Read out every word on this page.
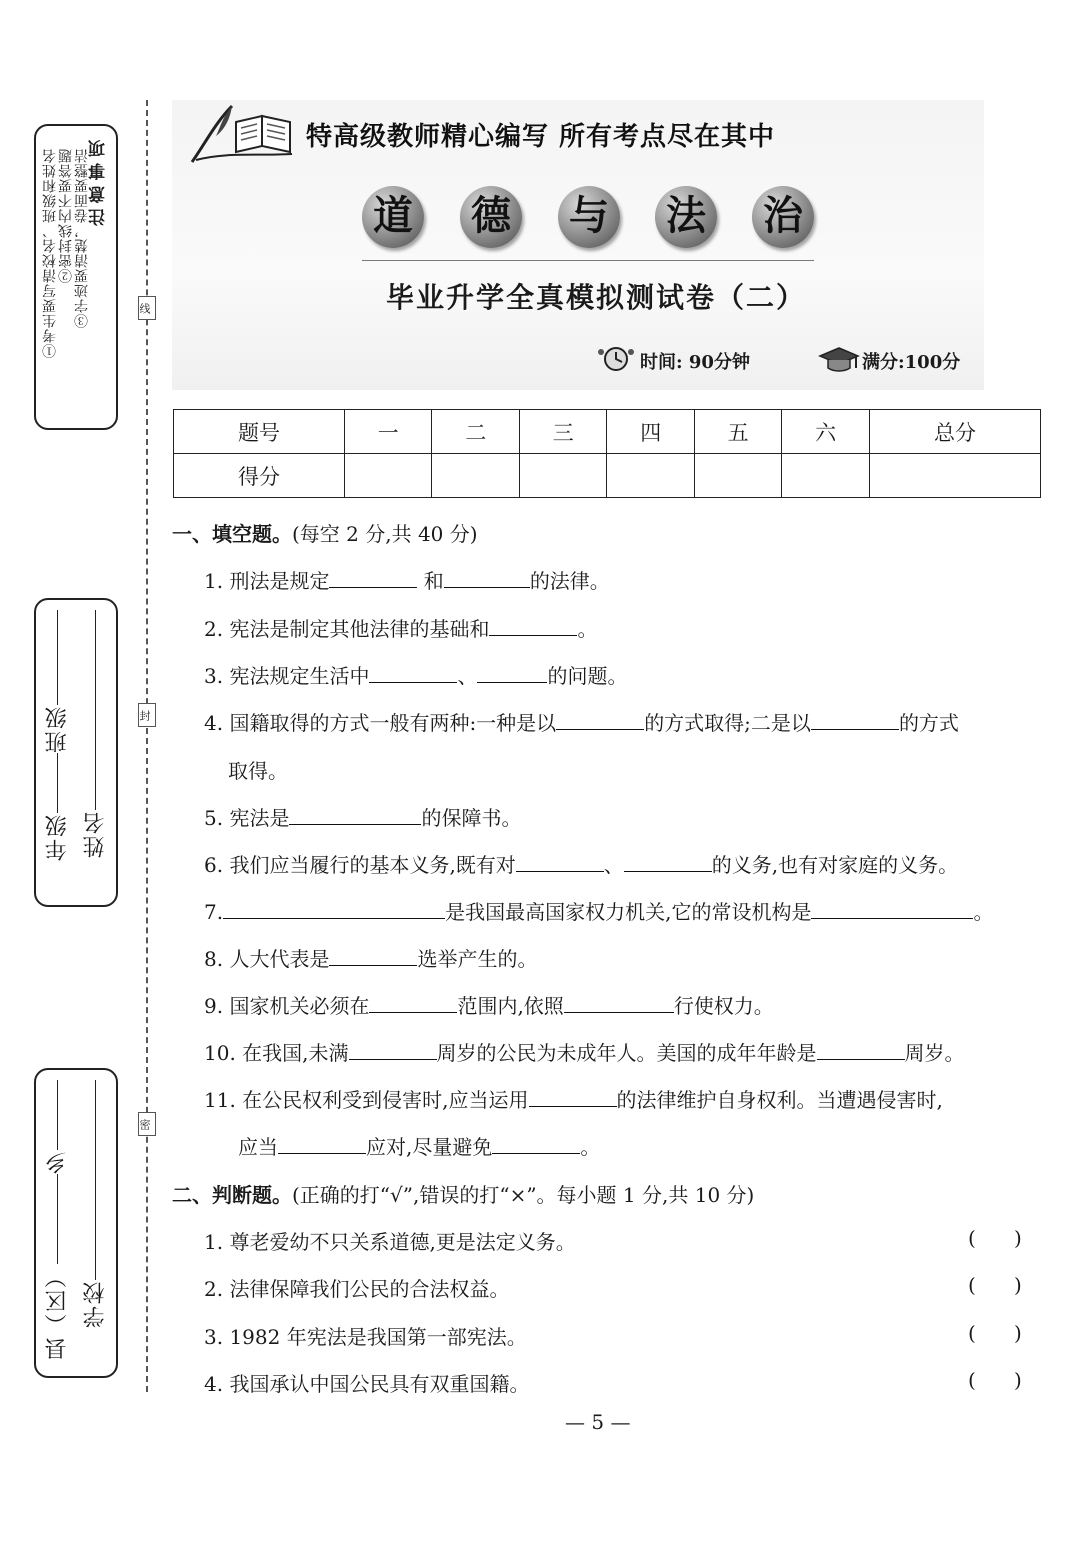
线
封
密
注意事项
①考生要写清校名、班级和姓名 ②密封线内不要答题 ③字迹要清楚，卷面要整洁
年级班级
姓名
县（区）乡
学校
特高级教师精心编写 所有考点尽在其中
道 德 与 法 治
毕业升学全真模拟测试卷（二）
时间: 90分钟	满分:100分
题号	一	二	三	四	五	六	总分
得分							
一、填空题。(每空 2 分,共 40 分)
1. 刑法是规定	和	的法律。
2. 宪法是制定其他法律的基础和	。
3. 宪法规定生活中	、	的问题。
4. 国籍取得的方式一般有两种:一种是以	的方式取得;二是以	的方式
取得。
5. 宪法是	的保障书。
6. 我们应当履行的基本义务,既有对	、	的义务,也有对家庭的义务。
7.	是我国最高国家权力机关,它的常设机构是	。
8. 人大代表是	选举产生的。
9. 国家机关必须在	范围内,依照	行使权力。
10. 在我国,未满	周岁的公民为未成年人。美国的成年年龄是	周岁。
11. 在公民权利受到侵害时,应当运用	的法律维护自身权利。当遭遇侵害时,
应当	应对,尽量避免	。
二、判断题。(正确的打“√”,错误的打“×”。每小题 1 分,共 10 分)
1. 尊老爱幼不只关系道德,更是法定义务。	(      )
2. 法律保障我们公民的合法权益。	(      )
3. 1982 年宪法是我国第一部宪法。	(      )
4. 我国承认中国公民具有双重国籍。	(      )
— 5 —
